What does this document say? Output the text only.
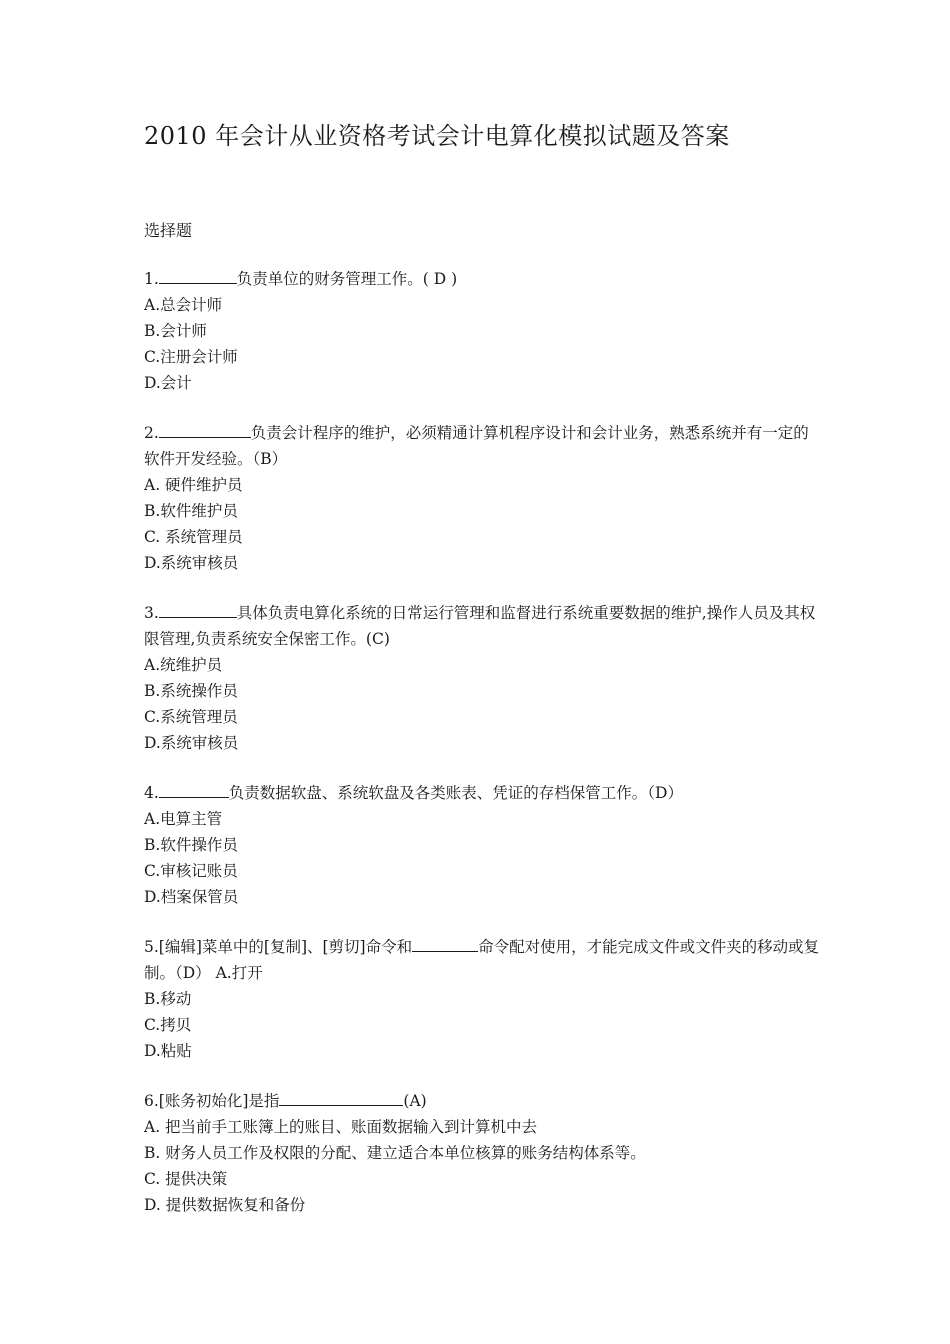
2010 年会计从业资格考试会计电算化模拟试题及答案
选择题
1.	负责单位的财务管理工作。( D )
A.总会计师
B.会计师
C.注册会计师
D.会计
2.	负责会计程序的维护，必须精通计算机程序设计和会计业务，熟悉系统并有一定的软件开发经验。（B）
A. 硬件维护员
B.软件维护员
C. 系统管理员
D.系统审核员
3.	具体负责电算化系统的日常运行管理和监督进行系统重要数据的维护,操作人员及其权限管理,负责系统安全保密工作。(C)
A.统维护员
B.系统操作员
C.系统管理员
D.系统审核员
4.	负责数据软盘、系统软盘及各类账表、凭证的存档保管工作。（D）
A.电算主管
B.软件操作员
C.审核记账员
D.档案保管员
5.[编辑]菜单中的[复制]、[剪切]命令和	命令配对使用，才能完成文件或文件夹的移动或复制。（D） A.打开
B.移动
C.拷贝
D.粘贴
6.[账务初始化]是指	(A)
A. 把当前手工账簿上的账目、账面数据输入到计算机中去
B. 财务人员工作及权限的分配、建立适合本单位核算的账务结构体系等。
C. 提供决策
D. 提供数据恢复和备份
